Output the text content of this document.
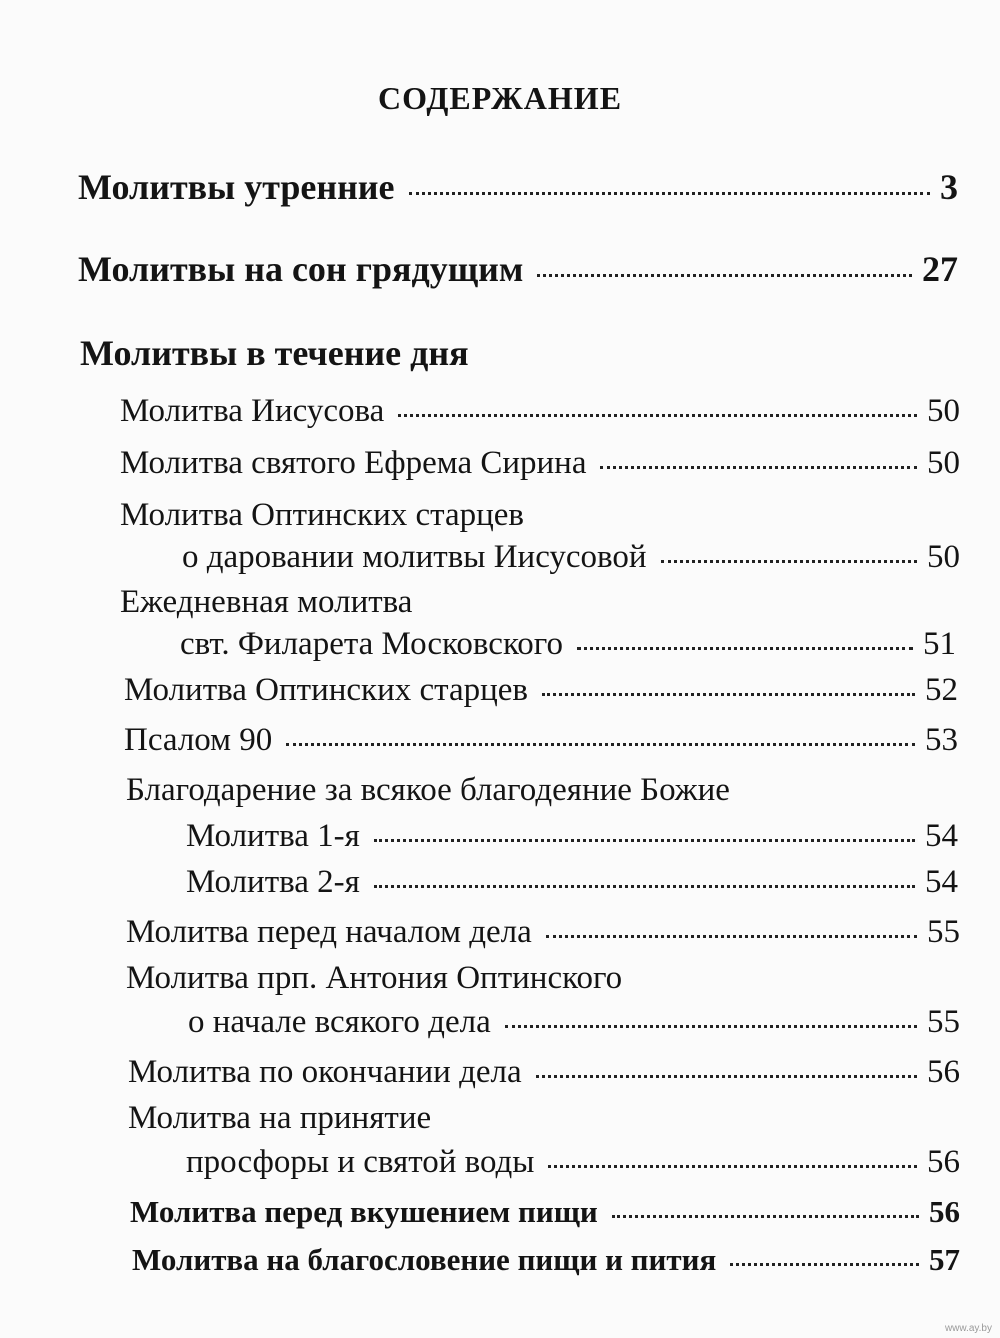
СОДЕРЖАНИЕ
Молитвы утренние	3
Молитвы на сон грядущим	27
Молитвы в течение дня
Молитва Иисусова	50
Молитва святого Ефрема Сирина	50
Молитва Оптинских старцев
о даровании молитвы Иисусовой	50
Ежедневная молитва
свт. Филарета Московского	51
Молитва Оптинских старцев	52
Псалом 90	53
Благодарение за всякое благодеяние Божие
Молитва 1-я	54
Молитва 2-я	54
Молитва перед началом дела	55
Молитва прп. Антония Оптинского
о начале всякого дела	55
Молитва по окончании дела	56
Молитва на принятие
просфоры и святой воды	56
Молитва перед вкушением пищи	56
Молитва на благословение пищи и пития	57
www.ay.by
